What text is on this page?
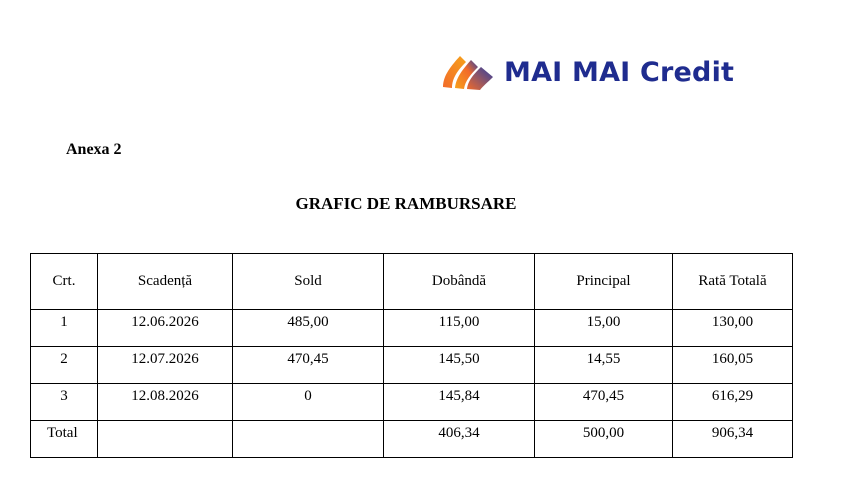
MAI MAI Credit
Anexa 2
GRAFIC DE RAMBURSARE
Crt.	Scadență	Sold	Dobândă	Principal	Rată Totală
1	12.06.2026	485,00	115,00	15,00	130,00
2	12.07.2026	470,45	145,50	14,55	160,05
3	12.08.2026	0	145,84	470,45	616,29
Total			406,34	500,00	906,34
